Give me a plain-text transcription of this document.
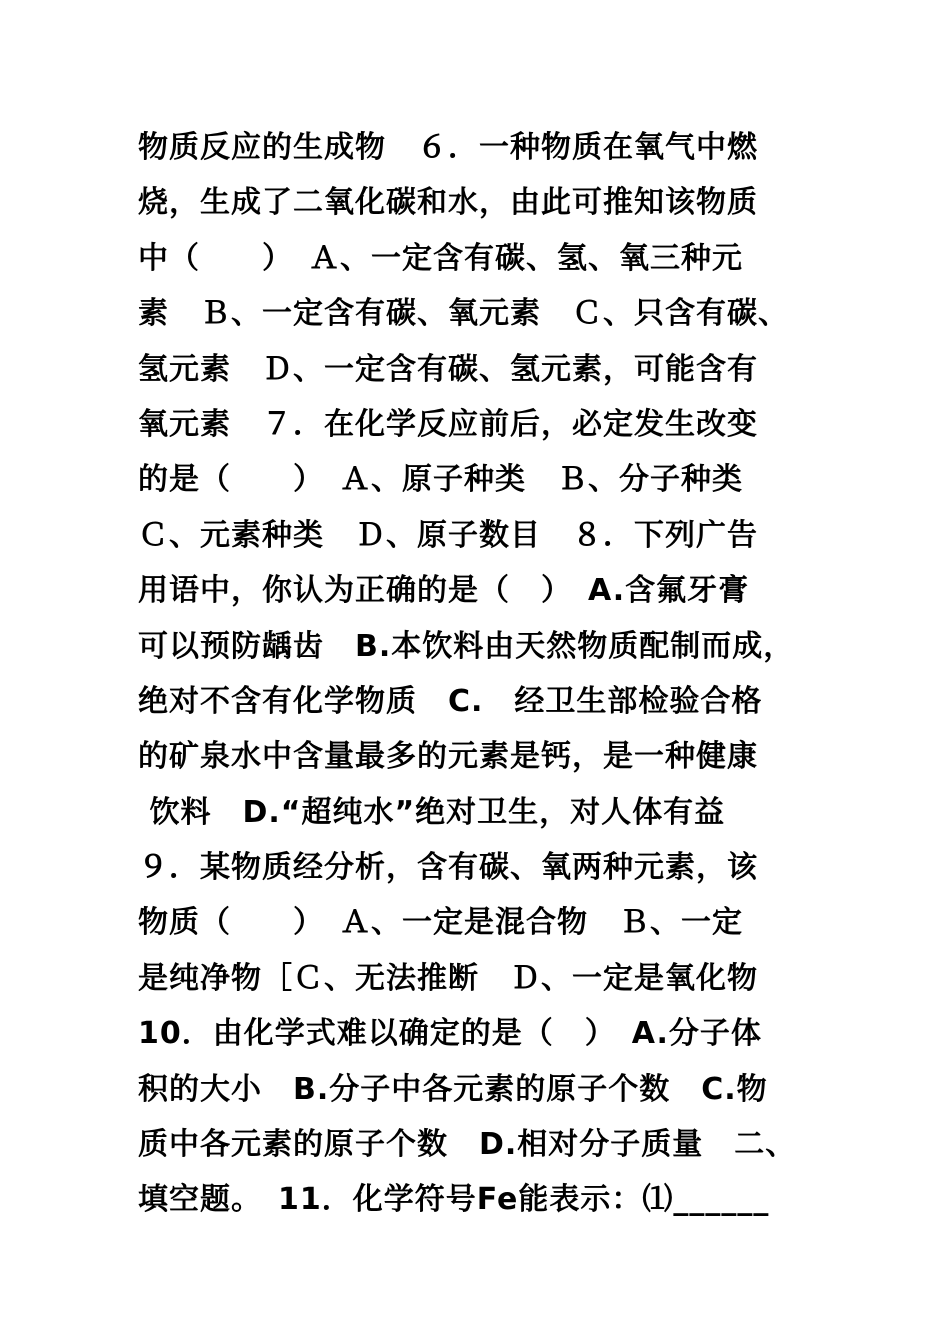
物质反应的生成物　６．一种物质在氧气中燃
烧，生成了二氧化碳和水，由此可推知该物质
中（　　）　Ａ、一定含有碳、氢、氧三种元
素　Ｂ、一定含有碳、氧元素　Ｃ、只含有碳、
氢元素　Ｄ、一定含有碳、氢元素，可能含有
氧元素　７．在化学反应前后，必定发生改变
的是（　　）　Ａ、原子种类　Ｂ、分子种类
Ｃ、元素种类　Ｄ、原子数目　８．下列广告
用语中，你认为正确的是（　）　A.含氟牙膏
可以预防龋齿　B.本饮料由天然物质配制而成，
绝对不含有化学物质　C.　经卫生部检验合格
的矿泉水中含量最多的元素是钙，是一种健康
饮料　D.“超纯水”绝对卫生，对人体有益
９．某物质经分析，含有碳、氧两种元素，该
物质（　　）　Ａ、一定是混合物　Ｂ、一定
是纯净物［Ｃ、无法推断　Ｄ、一定是氧化物
10．由化学式难以确定的是（　）　A.分子体
积的大小　B.分子中各元素的原子个数　C.物
质中各元素的原子个数　D.相对分子质量　二、
填空题。　11．化学符号Fe能表示：⑴______
